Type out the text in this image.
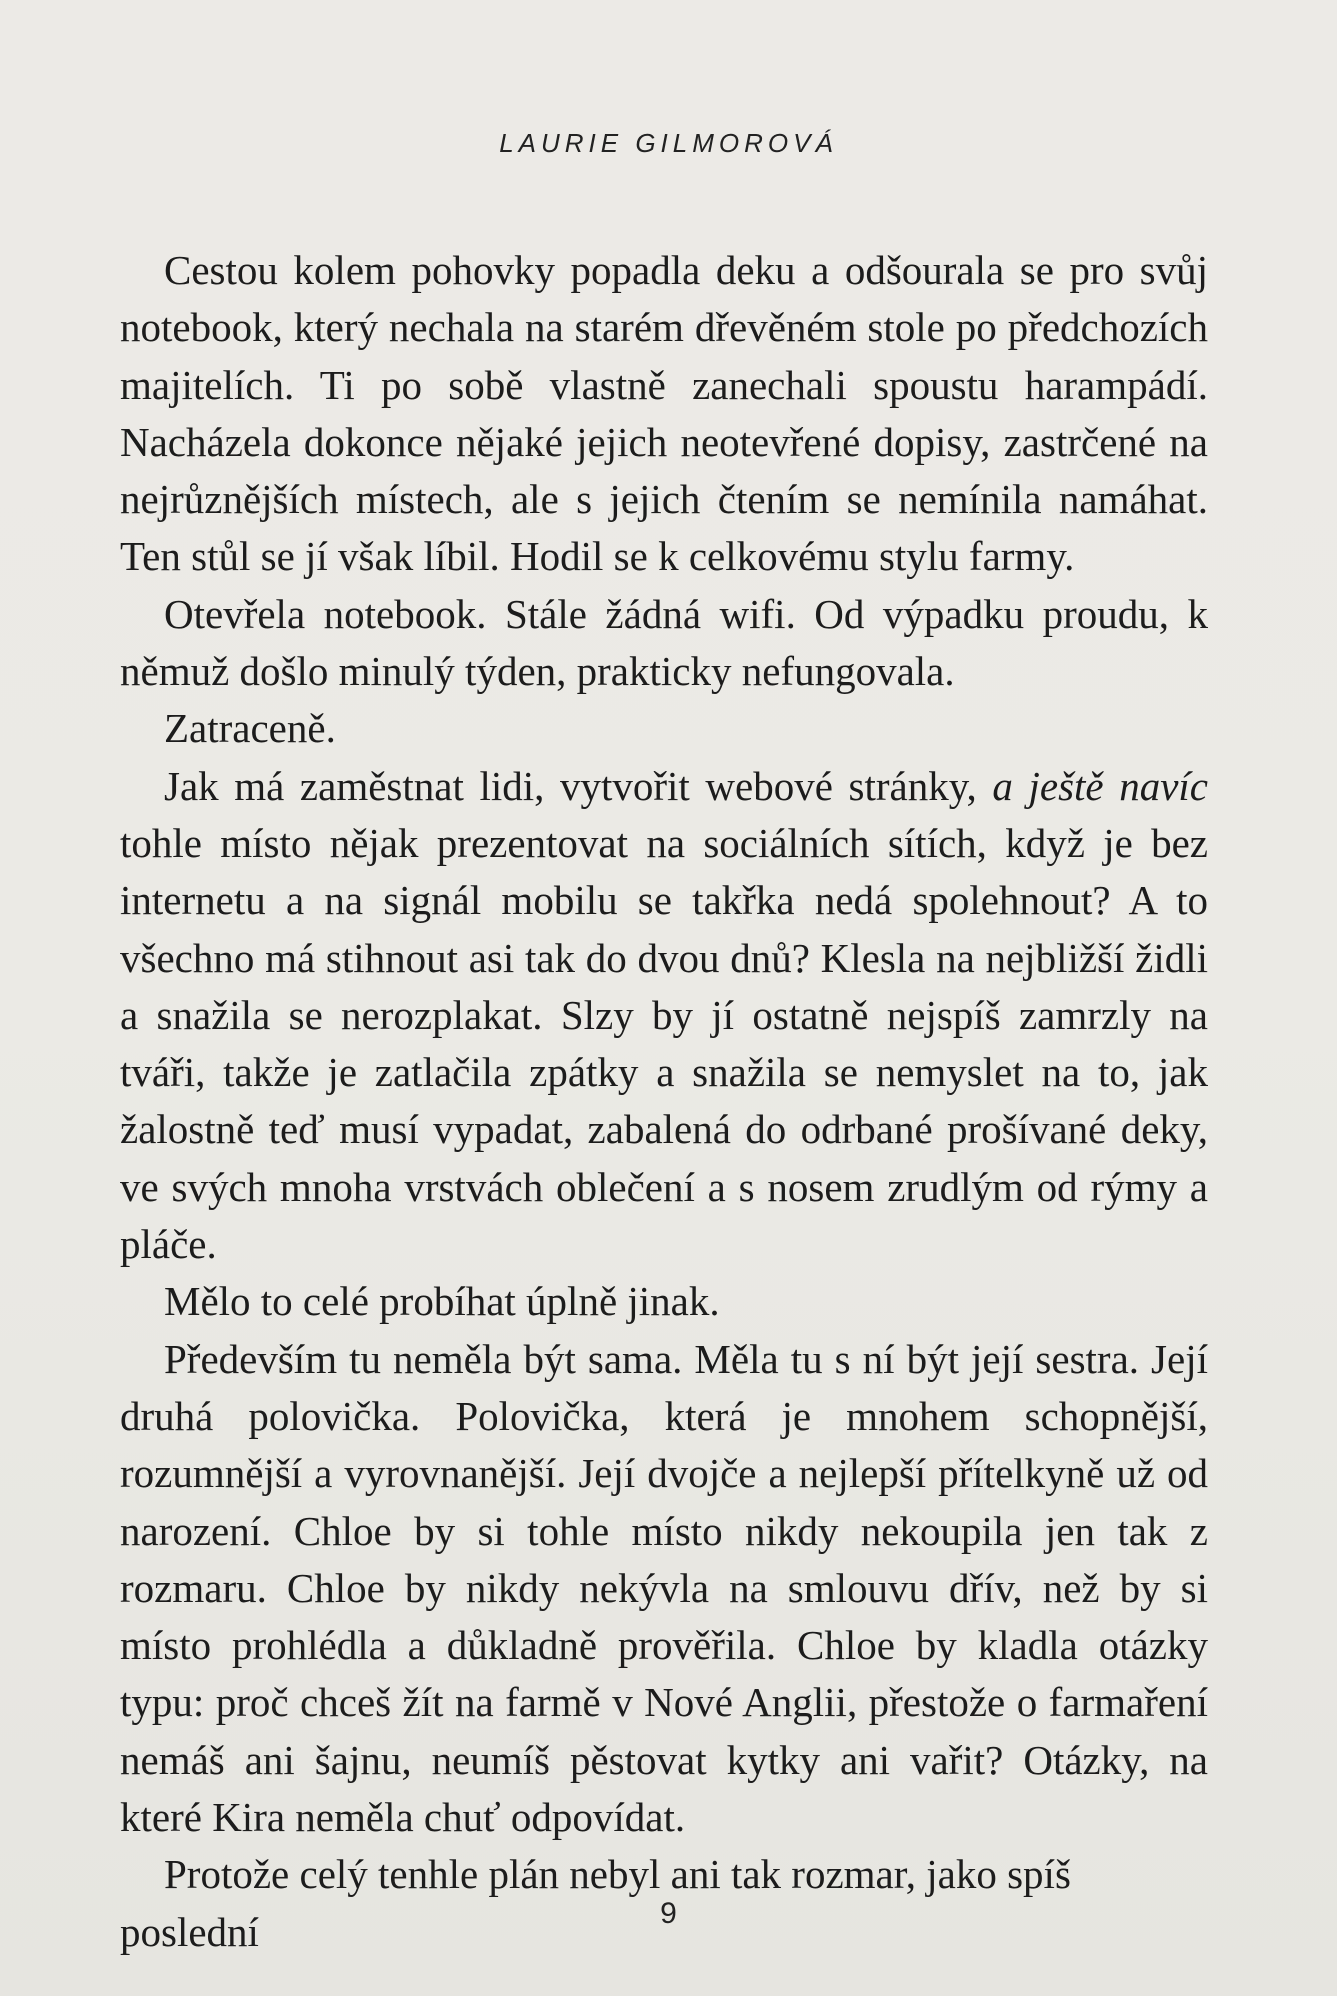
LAURIE GILMOROVÁ

Cestou kolem pohovky popadla deku a odšourala se pro svůj notebook, který nechala na starém dřevěném stole po předchozích majitelích. Ti po sobě vlastně zanechali spoustu harampádí. Nacházela dokonce nějaké jejich neotevřené dopisy, zastrčené na nejrůznějších místech, ale s jejich čtením se nemínila namáhat. Ten stůl se jí však líbil. Hodil se k celkovému stylu farmy.

Otevřela notebook. Stále žádná wifi. Od výpadku proudu, k němuž došlo minulý týden, prakticky nefungovala.

Zatraceně.

Jak má zaměstnat lidi, vytvořit webové stránky, a ještě navíc tohle místo nějak prezentovat na sociálních sítích, když je bez internetu a na signál mobilu se takřka nedá spolehnout? A to všechno má stihnout asi tak do dvou dnů? Klesla na nejbližší židli a snažila se nerozplakat. Slzy by jí ostatně nejspíš zamrzly na tváři, takže je zatlačila zpátky a snažila se nemyslet na to, jak žalostně teď musí vypadat, zabalená do odrbané prošívané deky, ve svých mnoha vrstvách oblečení a s nosem zrudlým od rýmy a pláče.

Mělo to celé probíhat úplně jinak.

Především tu neměla být sama. Měla tu s ní být její sestra. Její druhá polovička. Polovička, která je mnohem schopnější, rozumnější a vyrovnanější. Její dvojče a nejlepší přítelkyně už od narození. Chloe by si tohle místo nikdy nekoupila jen tak z rozmaru. Chloe by nikdy nekývla na smlouvu dřív, než by si místo prohlédla a důkladně prověřila. Chloe by kladla otázky typu: proč chceš žít na farmě v Nové Anglii, přestože o farmaření nemáš ani šajnu, neumíš pěstovat kytky ani vařit? Otázky, na které Kira neměla chuť odpovídat.

Protože celý tenhle plán nebyl ani tak rozmar, jako spíš poslední	9
